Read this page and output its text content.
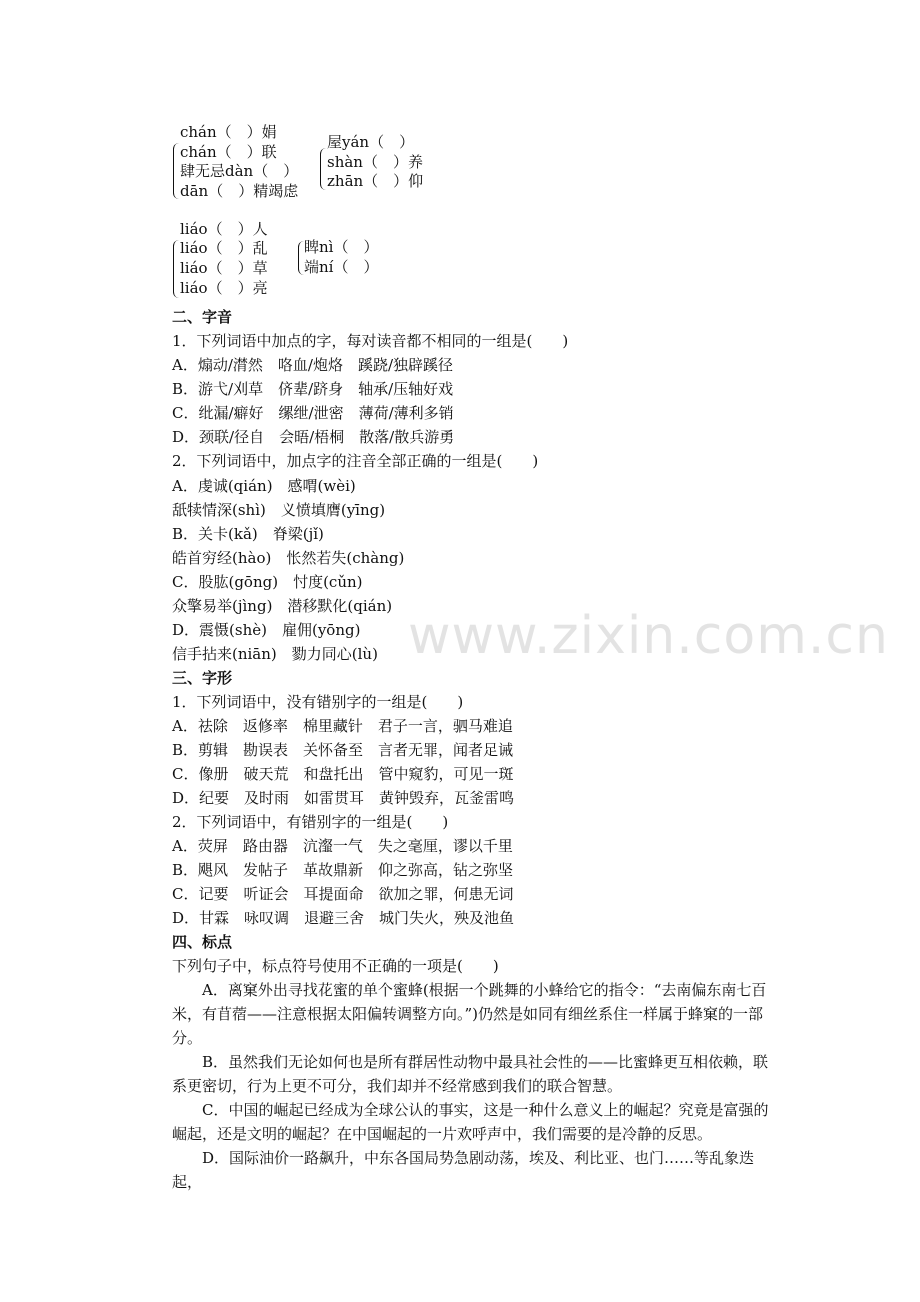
www.zixin.com.cn
chán（　）娟
chán（　）联
肆无忌dàn（　）
dān（　）精竭虑
屋yán（　）
shàn（　）养
zhān（　）仰
liáo（　）人
liáo（　）乱
liáo（　）草
liáo（　）亮
睥nì（　）
端ní（　）
二、字音
1．下列词语中加点的字，每对读音都不相同的一组是(　　)
A．煽动/潸然　咯血/炮烙　蹊跷/独辟蹊径
B．游弋/刈草　侪辈/跻身　轴承/压轴好戏
C．纰漏/癖好　缧绁/泄密　薄荷/薄利多销
D．颈联/径自　会晤/梧桐　散落/散兵游勇
2．下列词语中，加点字的注音全部正确的一组是(　　)
A．虔诚(qián)　感喟(wèi)
舐犊情深(shì)　义愤填膺(yīng)
B．关卡(kǎ)　脊梁(jǐ)
皓首穷经(hào)　怅然若失(chàng)
C．股肱(gōng)　忖度(cǔn)
众擎易举(jìng)　潜移默化(qián)
D．震慑(shè)　雇佣(yōng)
信手拈来(niān)　勠力同心(lù)
三、字形
1．下列词语中，没有错别字的一组是(　　)
A．祛除　返修率　棉里藏针　君子一言，驷马难追
B．剪辑　勘误表　关怀备至　言者无罪，闻者足诫
C．像册　破天荒　和盘托出　管中窥豹，可见一斑
D．纪要　及时雨　如雷贯耳　黄钟毁弃，瓦釜雷鸣
2．下列词语中，有错别字的一组是(　　)
A．荧屏　路由器　沆瀣一气　失之毫厘，谬以千里
B．飓风　发帖子　革故鼎新　仰之弥高，钻之弥坚
C．记要　听证会　耳提面命　欲加之罪，何患无词
D．甘霖　咏叹调　退避三舍　城门失火，殃及池鱼
四、标点
下列句子中，标点符号使用不正确的一项是(　　)
A．离窠外出寻找花蜜的单个蜜蜂(根据一个跳舞的小蜂给它的指令：“去南偏东南七百米，有苜蓿——注意根据太阳偏转调整方向。”)仍然是如同有细丝系住一样属于蜂窠的一部分。
B．虽然我们无论如何也是所有群居性动物中最具社会性的——比蜜蜂更互相依赖，联系更密切，行为上更不可分，我们却并不经常感到我们的联合智慧。
C．中国的崛起已经成为全球公认的事实，这是一种什么意义上的崛起？究竟是富强的崛起，还是文明的崛起？在中国崛起的一片欢呼声中，我们需要的是冷静的反思。
D．国际油价一路飙升，中东各国局势急剧动荡，埃及、利比亚、也门……等乱象迭起，
